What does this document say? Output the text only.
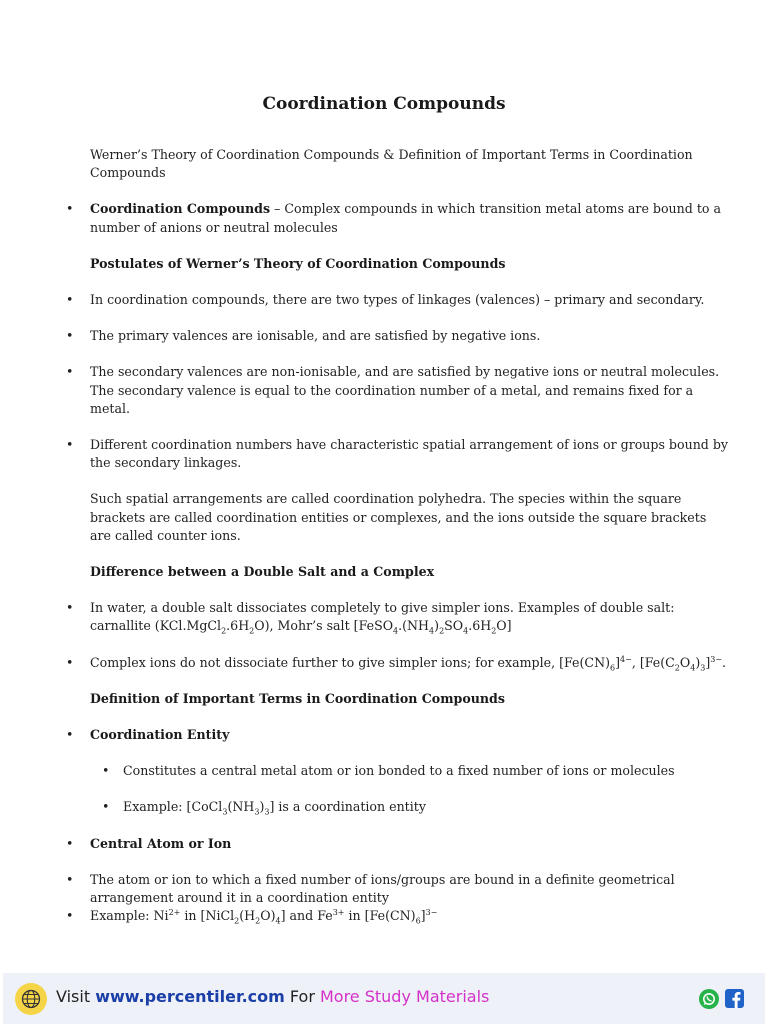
Coordination Compounds

Werner’s Theory of Coordination Compounds & Definition of Important Terms in Coordination Compounds

• Coordination Compounds – Complex compounds in which transition metal atoms are bound to a number of anions or neutral molecules

Postulates of Werner’s Theory of Coordination Compounds

• In coordination compounds, there are two types of linkages (valences) – primary and secondary.
• The primary valences are ionisable, and are satisfied by negative ions.
• The secondary valences are non-ionisable, and are satisfied by negative ions or neutral molecules. The secondary valence is equal to the coordination number of a metal, and remains fixed for a metal.
• Different coordination numbers have characteristic spatial arrangement of ions or groups bound by the secondary linkages.

Such spatial arrangements are called coordination polyhedra. The species within the square brackets are called coordination entities or complexes, and the ions outside the square brackets are called counter ions.

Difference between a Double Salt and a Complex

• In water, a double salt dissociates completely to give simpler ions. Examples of double salt: carnallite $(KCl.MgCl_2.6H_2O)$, Mohr’s salt $[FeSO_4.(NH_4)_2SO_4.6H_2O]$
• Complex ions do not dissociate further to give simpler ions; for example, $[Fe(CN)_6]^{4-}$, $[Fe(C_2O_4)_3]^{3-}$.

Definition of Important Terms in Coordination Compounds

• Coordination Entity
• Constitutes a central metal atom or ion bonded to a fixed number of ions or molecules
• Example: $[CoCl_3(NH_3)_3]$ is a coordination entity
• Central Atom or Ion
• The atom or ion to which a fixed number of ions/groups are bound in a definite geometrical arrangement around it in a coordination entity
• Example: $Ni^{2+}$ in $[NiCl_2(H_2O)_4]$ and $Fe^{3+}$ in $[Fe(CN)_6]^{3-}$
Visit www.percentiler.com For More Study Materials
